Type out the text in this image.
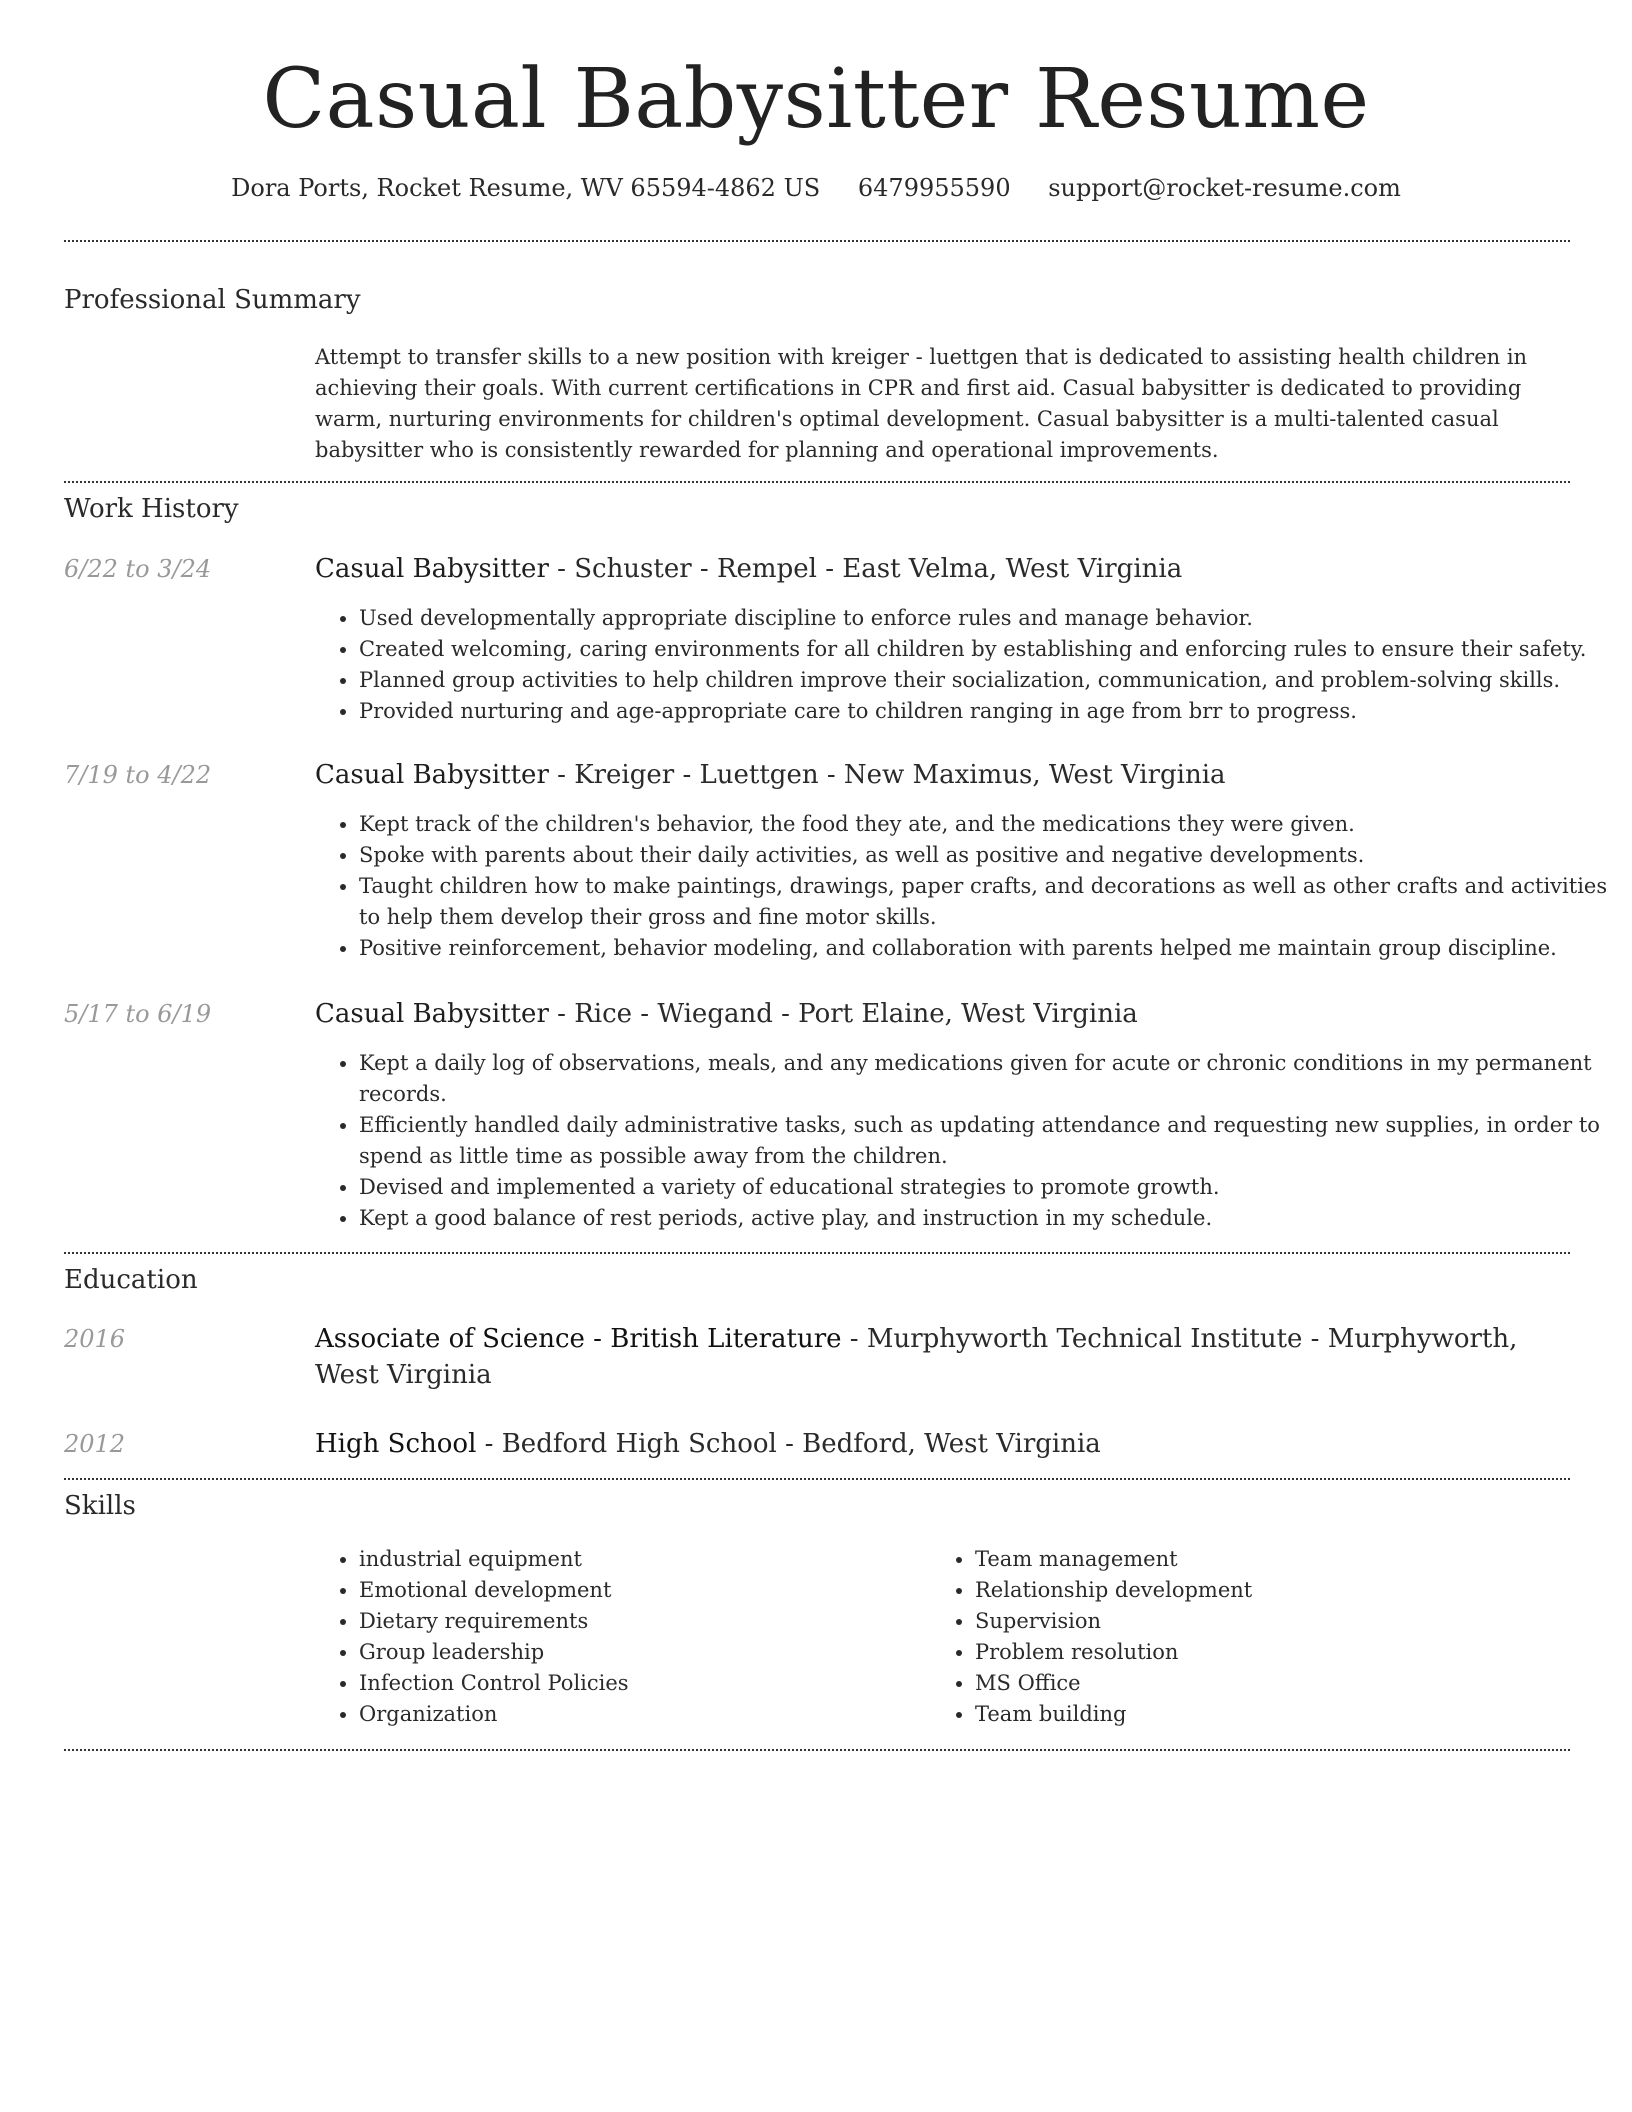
Casual Babysitter Resume
Dora Ports, Rocket Resume, WV 65594-4862 US 6479955590 support@rocket-resume.com
Professional Summary

Attempt to transfer skills to a new position with kreiger - luettgen that is dedicated to assisting health children in achieving their goals. With current certifications in CPR and first aid. Casual babysitter is dedicated to providing warm, nurturing environments for children's optimal development. Casual babysitter is a multi-talented casual babysitter who is consistently rewarded for planning and operational improvements.

Work History
6/22 to 3/24	Casual Babysitter - Schuster - Rempel - East Velma, West Virginia
• Used developmentally appropriate discipline to enforce rules and manage behavior.
• Created welcoming, caring environments for all children by establishing and enforcing rules to ensure their safety.
• Planned group activities to help children improve their socialization, communication, and problem-solving skills.
• Provided nurturing and age-appropriate care to children ranging in age from brr to progress.
7/19 to 4/22	Casual Babysitter - Kreiger - Luettgen - New Maximus, West Virginia
• Kept track of the children's behavior, the food they ate, and the medications they were given.
• Spoke with parents about their daily activities, as well as positive and negative developments.
• Taught children how to make paintings, drawings, paper crafts, and decorations as well as other crafts and activities to help them develop their gross and fine motor skills.
• Positive reinforcement, behavior modeling, and collaboration with parents helped me maintain group discipline.
5/17 to 6/19	Casual Babysitter - Rice - Wiegand - Port Elaine, West Virginia
• Kept a daily log of observations, meals, and any medications given for acute or chronic conditions in my permanent records.
• Efficiently handled daily administrative tasks, such as updating attendance and requesting new supplies, in order to spend as little time as possible away from the children.
• Devised and implemented a variety of educational strategies to promote growth.
• Kept a good balance of rest periods, active play, and instruction in my schedule.
Education
2016	Associate of Science - British Literature - Murphyworth Technical Institute - Murphyworth, West Virginia
2012	High School - Bedford High School - Bedford, West Virginia
Skills
• industrial equipment
• Emotional development
• Dietary requirements
• Group leadership
• Infection Control Policies
• Organization
• Team management
• Relationship development
• Supervision
• Problem resolution
• MS Office
• Team building
